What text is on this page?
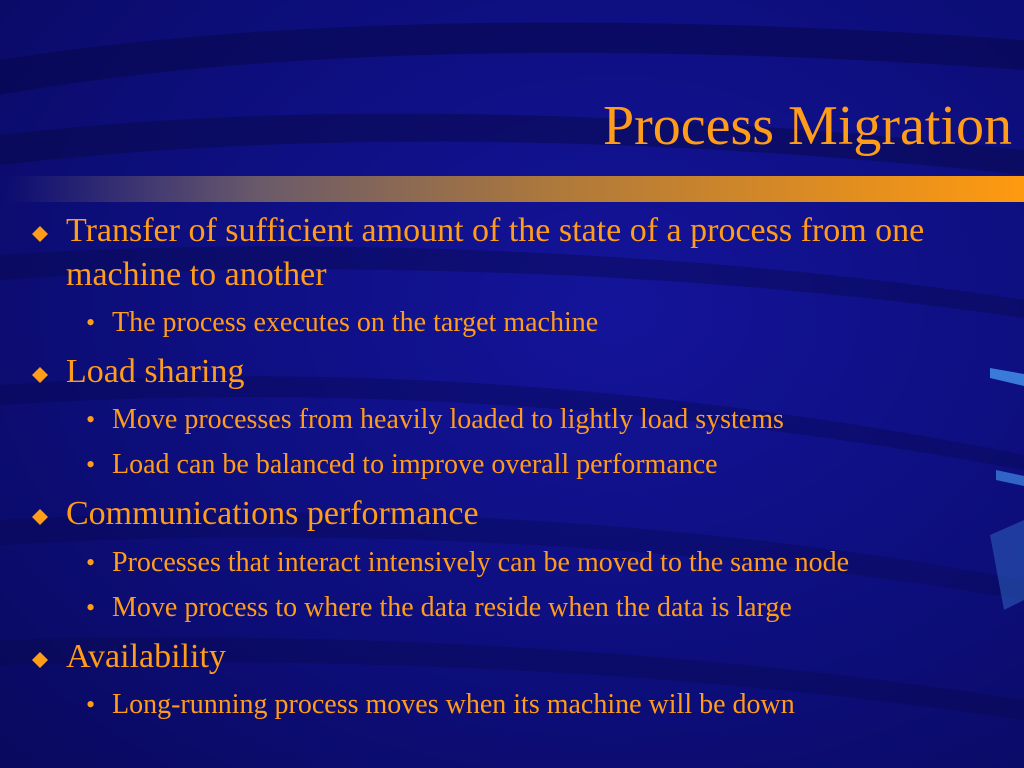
Process Migration
Transfer of sufficient amount of the state of a process from one machine to another
• The process executes on the target machine
Load sharing
• Move processes from heavily loaded to lightly load systems
• Load can be balanced to improve overall performance
Communications performance
• Processes that interact intensively can be moved to the same node
• Move process to where the data reside when the data is large
Availability
• Long-running process moves when its machine will be down
